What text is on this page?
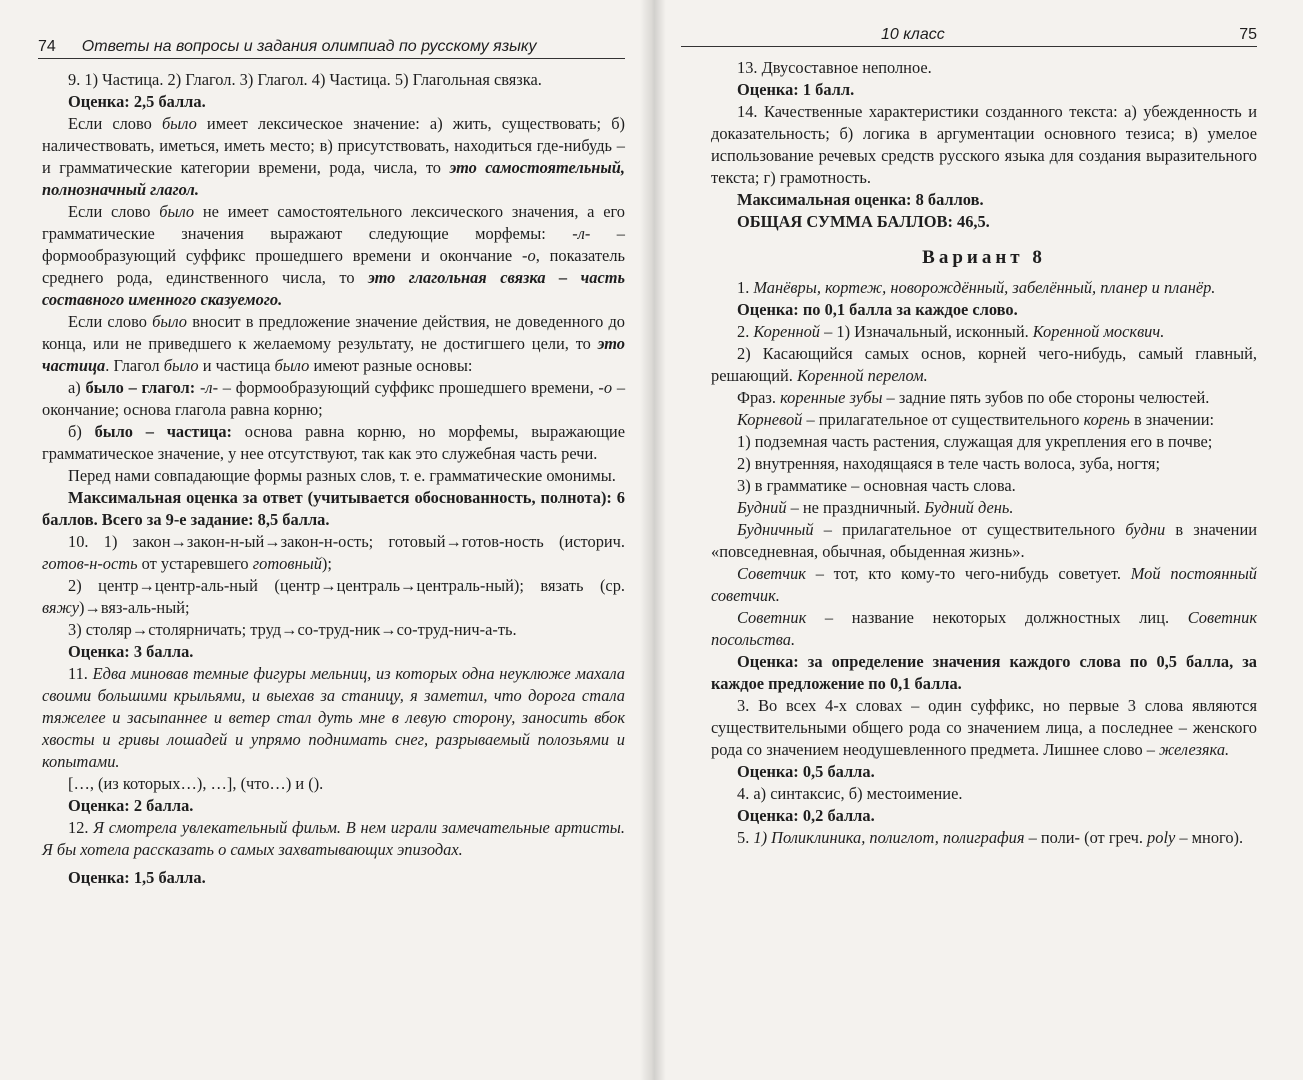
74 Ответы на вопросы и задания олимпиад по русскому языку

9. 1) Частица. 2) Глагол. 3) Глагол. 4) Частица. 5) Глагольная связка.

Оценка: 2,5 балла.

Если слово было имеет лексическое значение: а) жить, существовать; б) наличествовать, иметься, иметь место; в) присутствовать, находиться где-нибудь – и грамматические категории времени, рода, числа, то это самостоятельный, полнозначный глагол.

Если слово было не имеет самостоятельного лексического значения, а его грамматические значения выражают следующие морфемы: -л- – формообразующий суффикс прошедшего времени и окончание -о, показатель среднего рода, единственного числа, то это глагольная связка – часть составного именного сказуемого.

Если слово было вносит в предложение значение действия, не доведенного до конца, или не приведшего к желаемому результату, не достигшего цели, то это частица. Глагол было и частица было имеют разные основы:

а) было – глагол: -л- – формообразующий суффикс прошедшего времени, -о – окончание; основа глагола равна корню;

б) было – частица: основа равна корню, но морфемы, выражающие грамматическое значение, у нее отсутствуют, так как это служебная часть речи.

Перед нами совпадающие формы разных слов, т. е. грамматические омонимы.

Максимальная оценка за ответ (учитывается обоснованность, полнота): 6 баллов. Всего за 9-е задание: 8,5 балла.

10. 1) закон→закон-н-ый→закон-н-ость; готовый→готов-ность (историч. готов-н-ость от устаревшего готовный);

2) центр→центр-аль-ный (центр→централь→централь-ный); вязать (ср. вяжу)→вяз-аль-ный;

3) столяр→столярничать; труд→со-труд-ник→со-труд-нич-а-ть.

Оценка: 3 балла.

11. Едва миновав темные фигуры мельниц, из которых одна неуклюже махала своими большими крыльями, и выехав за станицу, я заметил, что дорога стала тяжелее и засыпаннее и ветер стал дуть мне в левую сторону, заносить вбок хвосты и гривы лошадей и упрямо поднимать снег, разрываемый полозьями и копытами.

[…, (из которых…), …], (что…) и ().

Оценка: 2 балла.

12. Я смотрела увлекательный фильм. В нем играли замечательные артисты. Я бы хотела рассказать о самых захватывающих эпизодах.

Оценка: 1,5 балла.

10 класс	75

13. Двусоставное неполное.

Оценка: 1 балл.

14. Качественные характеристики созданного текста: а) убежденность и доказательность; б) логика в аргументации основного тезиса; в) умелое использование речевых средств русского языка для создания выразительного текста; г) грамотность.

Максимальная оценка: 8 баллов.

ОБЩАЯ СУММА БАЛЛОВ: 46,5.

Вариант 8

1. Манёвры, кортеж, новорождённый, забелённый, планер и планёр.

Оценка: по 0,1 балла за каждое слово.

2. Коренной – 1) Изначальный, исконный. Коренной москвич.

2) Касающийся самых основ, корней чего-нибудь, самый главный, решающий. Коренной перелом.

Фраз. коренные зубы – задние пять зубов по обе стороны челюстей.

Корневой – прилагательное от существительного корень в значении:

1) подземная часть растения, служащая для укрепления его в почве;

2) внутренняя, находящаяся в теле часть волоса, зуба, ногтя;

3) в грамматике – основная часть слова.

Будний – не праздничный. Будний день.

Будничный – прилагательное от существительного будни в значении «повседневная, обычная, обыденная жизнь».

Советчик – тот, кто кому-то чего-нибудь советует. Мой постоянный советчик.

Советник – название некоторых должностных лиц. Советник посольства.

Оценка: за определение значения каждого слова по 0,5 балла, за каждое предложение по 0,1 балла.

3. Во всех 4-х словах – один суффикс, но первые 3 слова являются существительными общего рода со значением лица, а последнее – женского рода со значением неодушевленного предмета. Лишнее слово – железяка.

Оценка: 0,5 балла.

4. а) синтаксис, б) местоимение.

Оценка: 0,2 балла.

5. 1) Поликлиника, полиглот, полиграфия – поли- (от греч. poly – много).
